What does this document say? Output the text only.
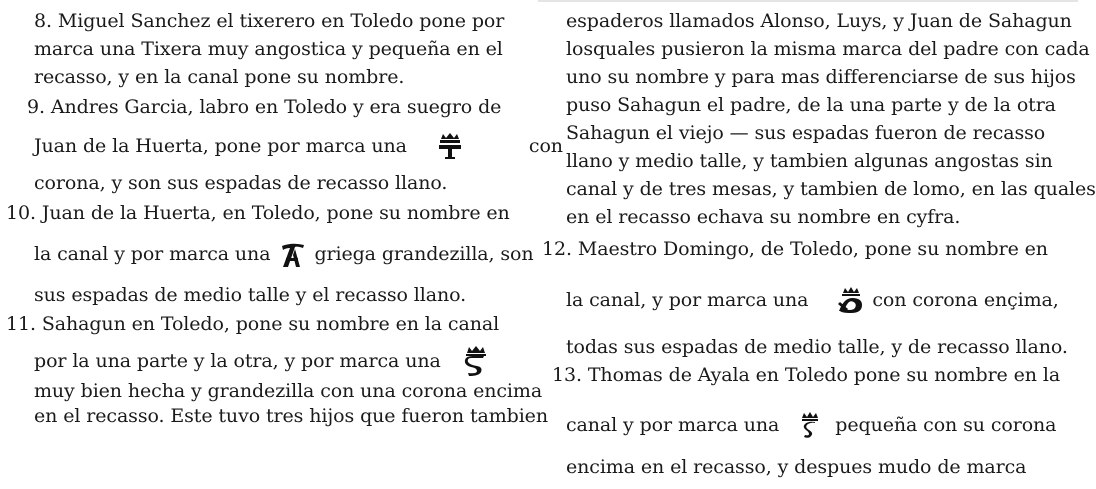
8. Miguel Sanchez el tixerero en Toledo pone por
marca una Tixera muy angostica y pequeña en el
recasso, y en la canal pone su nombre.
9. Andres Garcia, labro en Toledo y era suegro de
Juan de la Huerta, pone por marca una	con
corona, y son sus espadas de recasso llano.
10. Juan de la Huerta, en Toledo, pone su nombre en
la canal y por marca una griega grandezilla, son
sus espadas de medio talle y el recasso llano.
11. Sahagun en Toledo, pone su nombre en la canal
por la una parte y la otra, y por marca una
muy bien hecha y grandezilla con una corona encima
en el recasso. Este tuvo tres hijos que fueron tambien
espaderos llamados Alonso, Luys, y Juan de Sahagun
losquales pusieron la misma marca del padre con cada
uno su nombre y para mas differenciarse de sus hijos
puso Sahagun el padre, de la una parte y de la otra
Sahagun el viejo — sus espadas fueron de recasso
llano y medio talle, y tambien algunas angostas sin
canal y de tres mesas, y tambien de lomo, en las quales
en el recasso echava su nombre en cyfra.
12. Maestro Domingo, de Toledo, pone su nombre en
la canal, y por marca una	con corona ençima,
todas sus espadas de medio talle, y de recasso llano.
13. Thomas de Ayala en Toledo pone su nombre en la
canal y por marca una	pequeña con su corona
encima en el recasso, y despues mudo de marca
